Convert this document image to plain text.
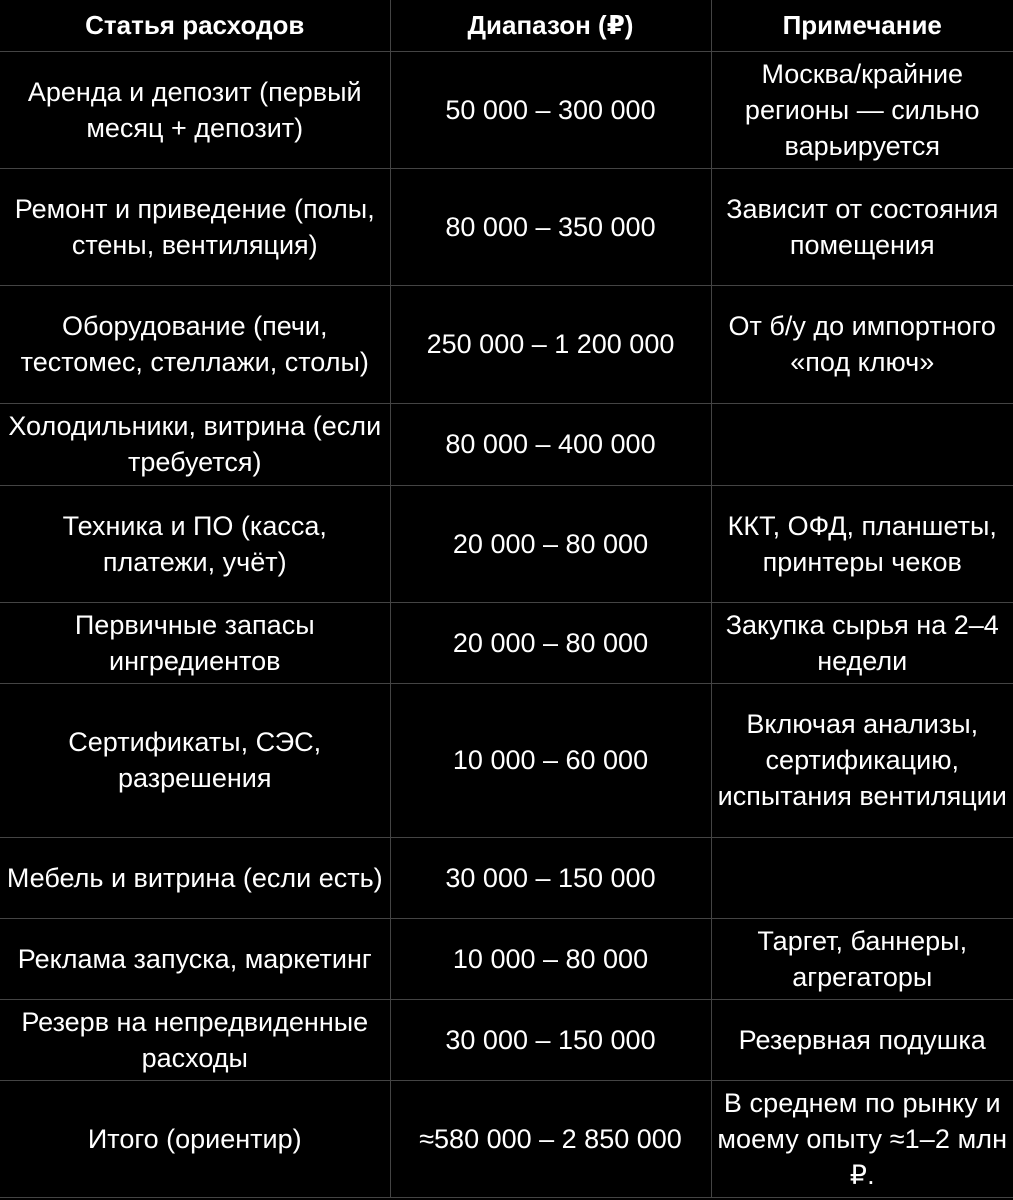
Статья расходов	Диапазон (₽)	Примечание
Аренда и депозит (первый месяц + депозит)	50 000 – 300 000	Москва/крайние регионы — сильно варьируется
Ремонт и приведение (полы, стены, вентиляция)	80 000 – 350 000	Зависит от состояния помещения
Оборудование (печи, тестомес, стеллажи, столы)	250 000 – 1 200 000	От б/у до импортного «под ключ»
Холодильники, витрина (если требуется)	80 000 – 400 000	
Техника и ПО (касса, платежи, учёт)	20 000 – 80 000	ККТ, ОФД, планшеты, принтеры чеков
Первичные запасы ингредиентов	20 000 – 80 000	Закупка сырья на 2–4 недели
Сертификаты, СЭС, разрешения	10 000 – 60 000	Включая анализы, сертификацию, испытания вентиляции
Мебель и витрина (если есть)	30 000 – 150 000	
Реклама запуска, маркетинг	10 000 – 80 000	Таргет, баннеры, агрегаторы
Резерв на непредвиденные расходы	30 000 – 150 000	Резервная подушка
Итого (ориентир)	≈580 000 – 2 850 000	В среднем по рынку и моему опыту ≈1–2 млн ₽.
